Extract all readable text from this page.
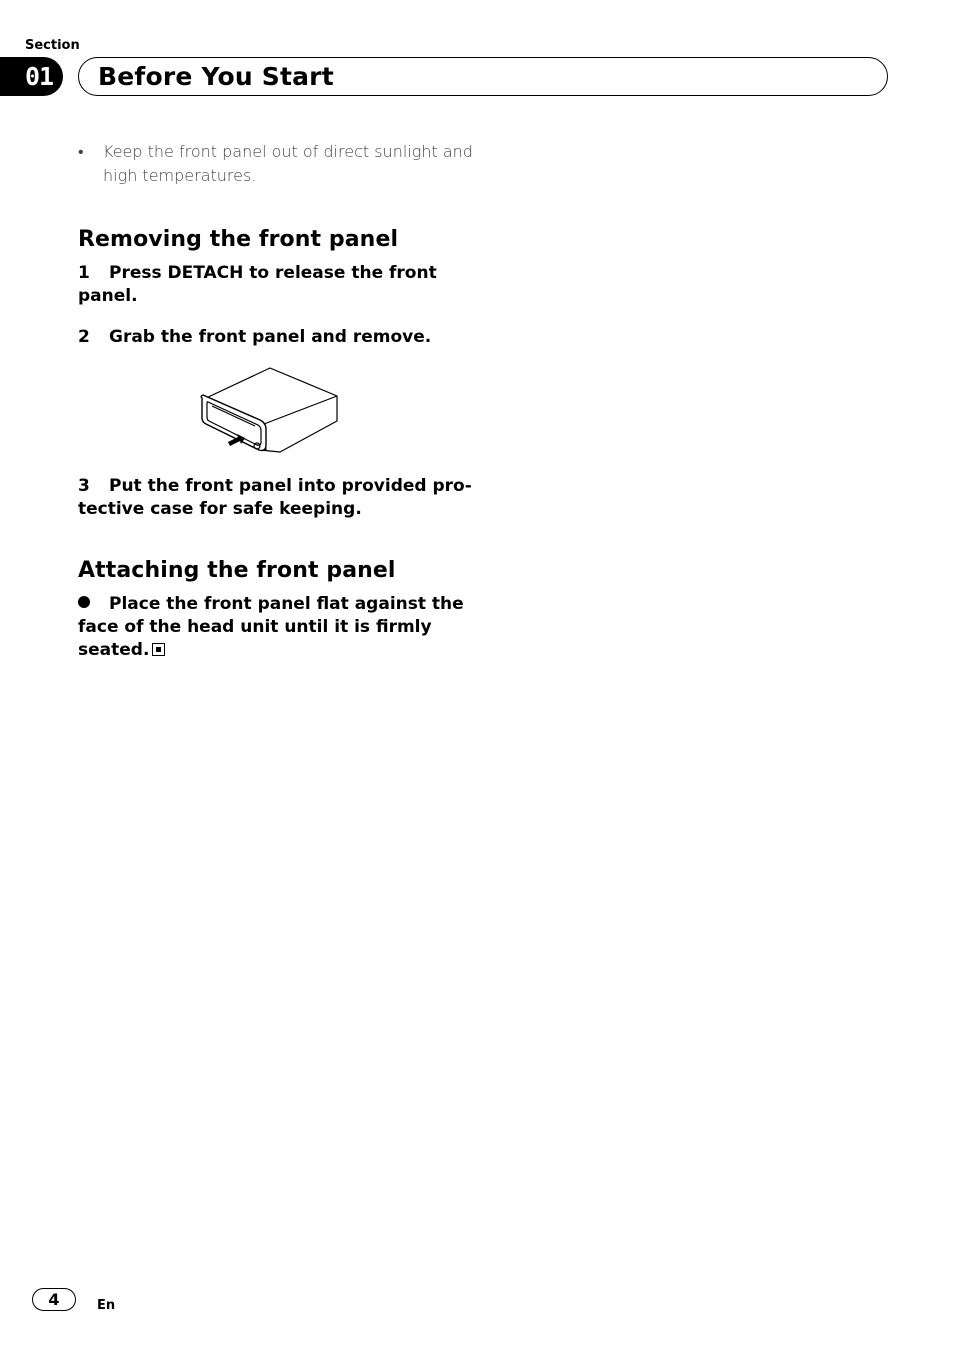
Section
01	Before You Start
• Keep the front panel out of direct sunlight and
high temperatures.
Removing the front panel

1 Press DETACH to release the front
panel.

2 Grab the front panel and remove.

3 Put the front panel into provided pro-
tective case for safe keeping.

Attaching the front panel

Place the front panel flat against the
face of the head unit until it is firmly
seated.

4	En
